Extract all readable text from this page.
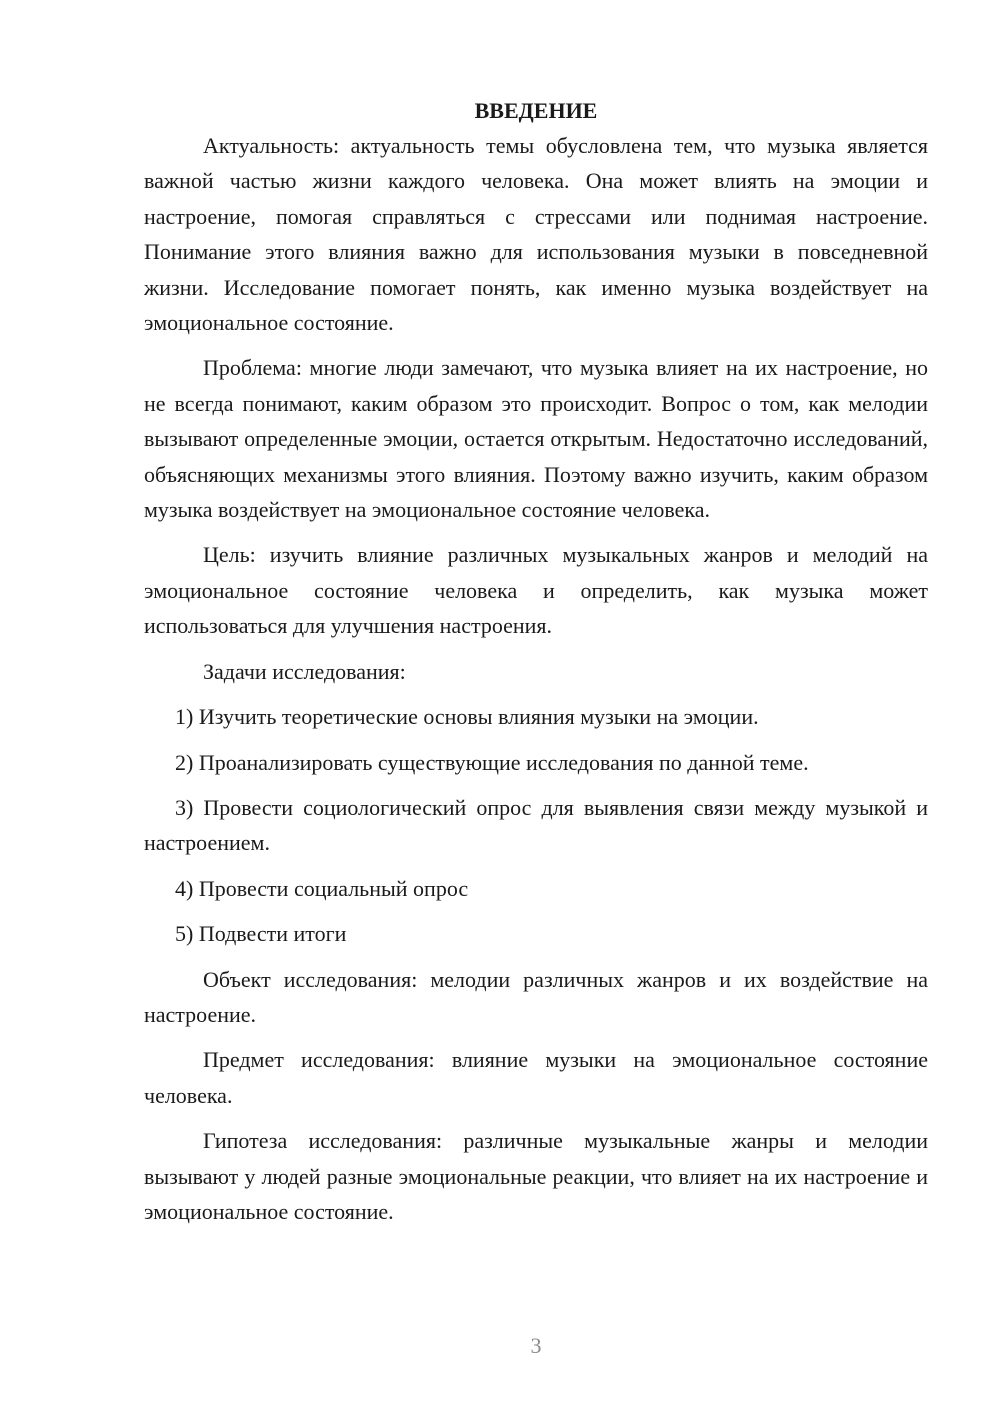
ВВЕДЕНИЕ

Актуальность: актуальность темы обусловлена тем, что музыка является важной частью жизни каждого человека. Она может влиять на эмоции и настроение, помогая справляться с стрессами или поднимая настроение. Понимание этого влияния важно для использования музыки в повседневной жизни. Исследование помогает понять, как именно музыка воздействует на эмоциональное состояние.

Проблема: многие люди замечают, что музыка влияет на их настроение, но не всегда понимают, каким образом это происходит. Вопрос о том, как мелодии вызывают определенные эмоции, остается открытым. Недостаточно исследований, объясняющих механизмы этого влияния. Поэтому важно изучить, каким образом музыка воздействует на эмоциональное состояние человека.

Цель: изучить влияние различных музыкальных жанров и мелодий на эмоциональное состояние человека и определить, как музыка может использоваться для улучшения настроения.

Задачи исследования:

1) Изучить теоретические основы влияния музыки на эмоции.

2) Проанализировать существующие исследования по данной теме.

3) Провести социологический опрос для выявления связи между музыкой и настроением.

4) Провести социальный опрос

5) Подвести итоги

Объект исследования: мелодии различных жанров и их воздействие на настроение.

Предмет исследования: влияние музыки на эмоциональное состояние человека.

Гипотеза исследования: различные музыкальные жанры и мелодии вызывают у людей разные эмоциональные реакции, что влияет на их настроение и эмоциональное состояние.

3
